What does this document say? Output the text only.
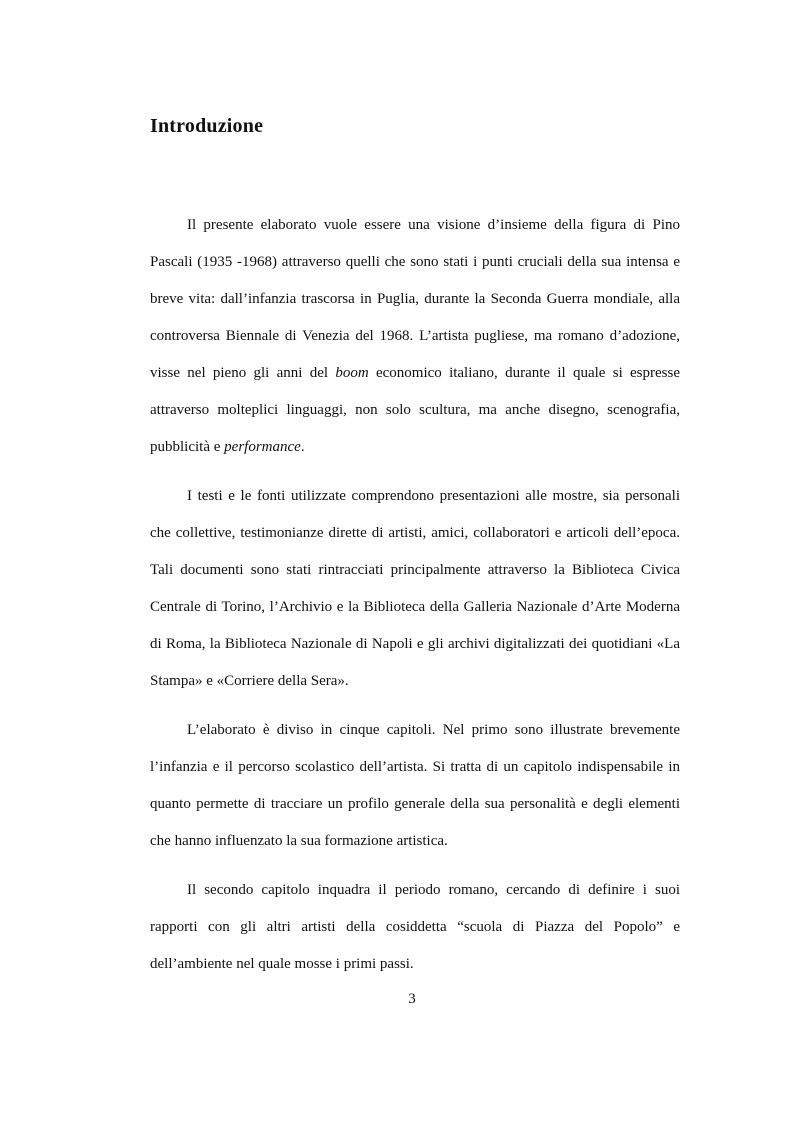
Introduzione

Il presente elaborato vuole essere una visione d’insieme della figura di Pino Pascali (1935 -1968) attraverso quelli che sono stati i punti cruciali della sua intensa e breve vita: dall’infanzia trascorsa in Puglia, durante la Seconda Guerra mondiale, alla controversa Biennale di Venezia del 1968. L’artista pugliese, ma romano d’adozione, visse nel pieno gli anni del boom economico italiano, durante il quale si espresse attraverso molteplici linguaggi, non solo scultura, ma anche disegno, scenografia, pubblicità e performance.

I testi e le fonti utilizzate comprendono presentazioni alle mostre, sia personali che collettive, testimonianze dirette di artisti, amici, collaboratori e articoli dell’epoca. Tali documenti sono stati rintracciati principalmente attraverso la Biblioteca Civica Centrale di Torino, l’Archivio e la Biblioteca della Galleria Nazionale d’Arte Moderna di Roma, la Biblioteca Nazionale di Napoli e gli archivi digitalizzati dei quotidiani «La Stampa» e «Corriere della Sera».

L’elaborato è diviso in cinque capitoli. Nel primo sono illustrate brevemente l’infanzia e il percorso scolastico dell’artista. Si tratta di un capitolo indispensabile in quanto permette di tracciare un profilo generale della sua personalità e degli elementi che hanno influenzato la sua formazione artistica.

Il secondo capitolo inquadra il periodo romano, cercando di definire i suoi rapporti con gli altri artisti della cosiddetta “scuola di Piazza del Popolo” e dell’ambiente nel quale mosse i primi passi.

3
